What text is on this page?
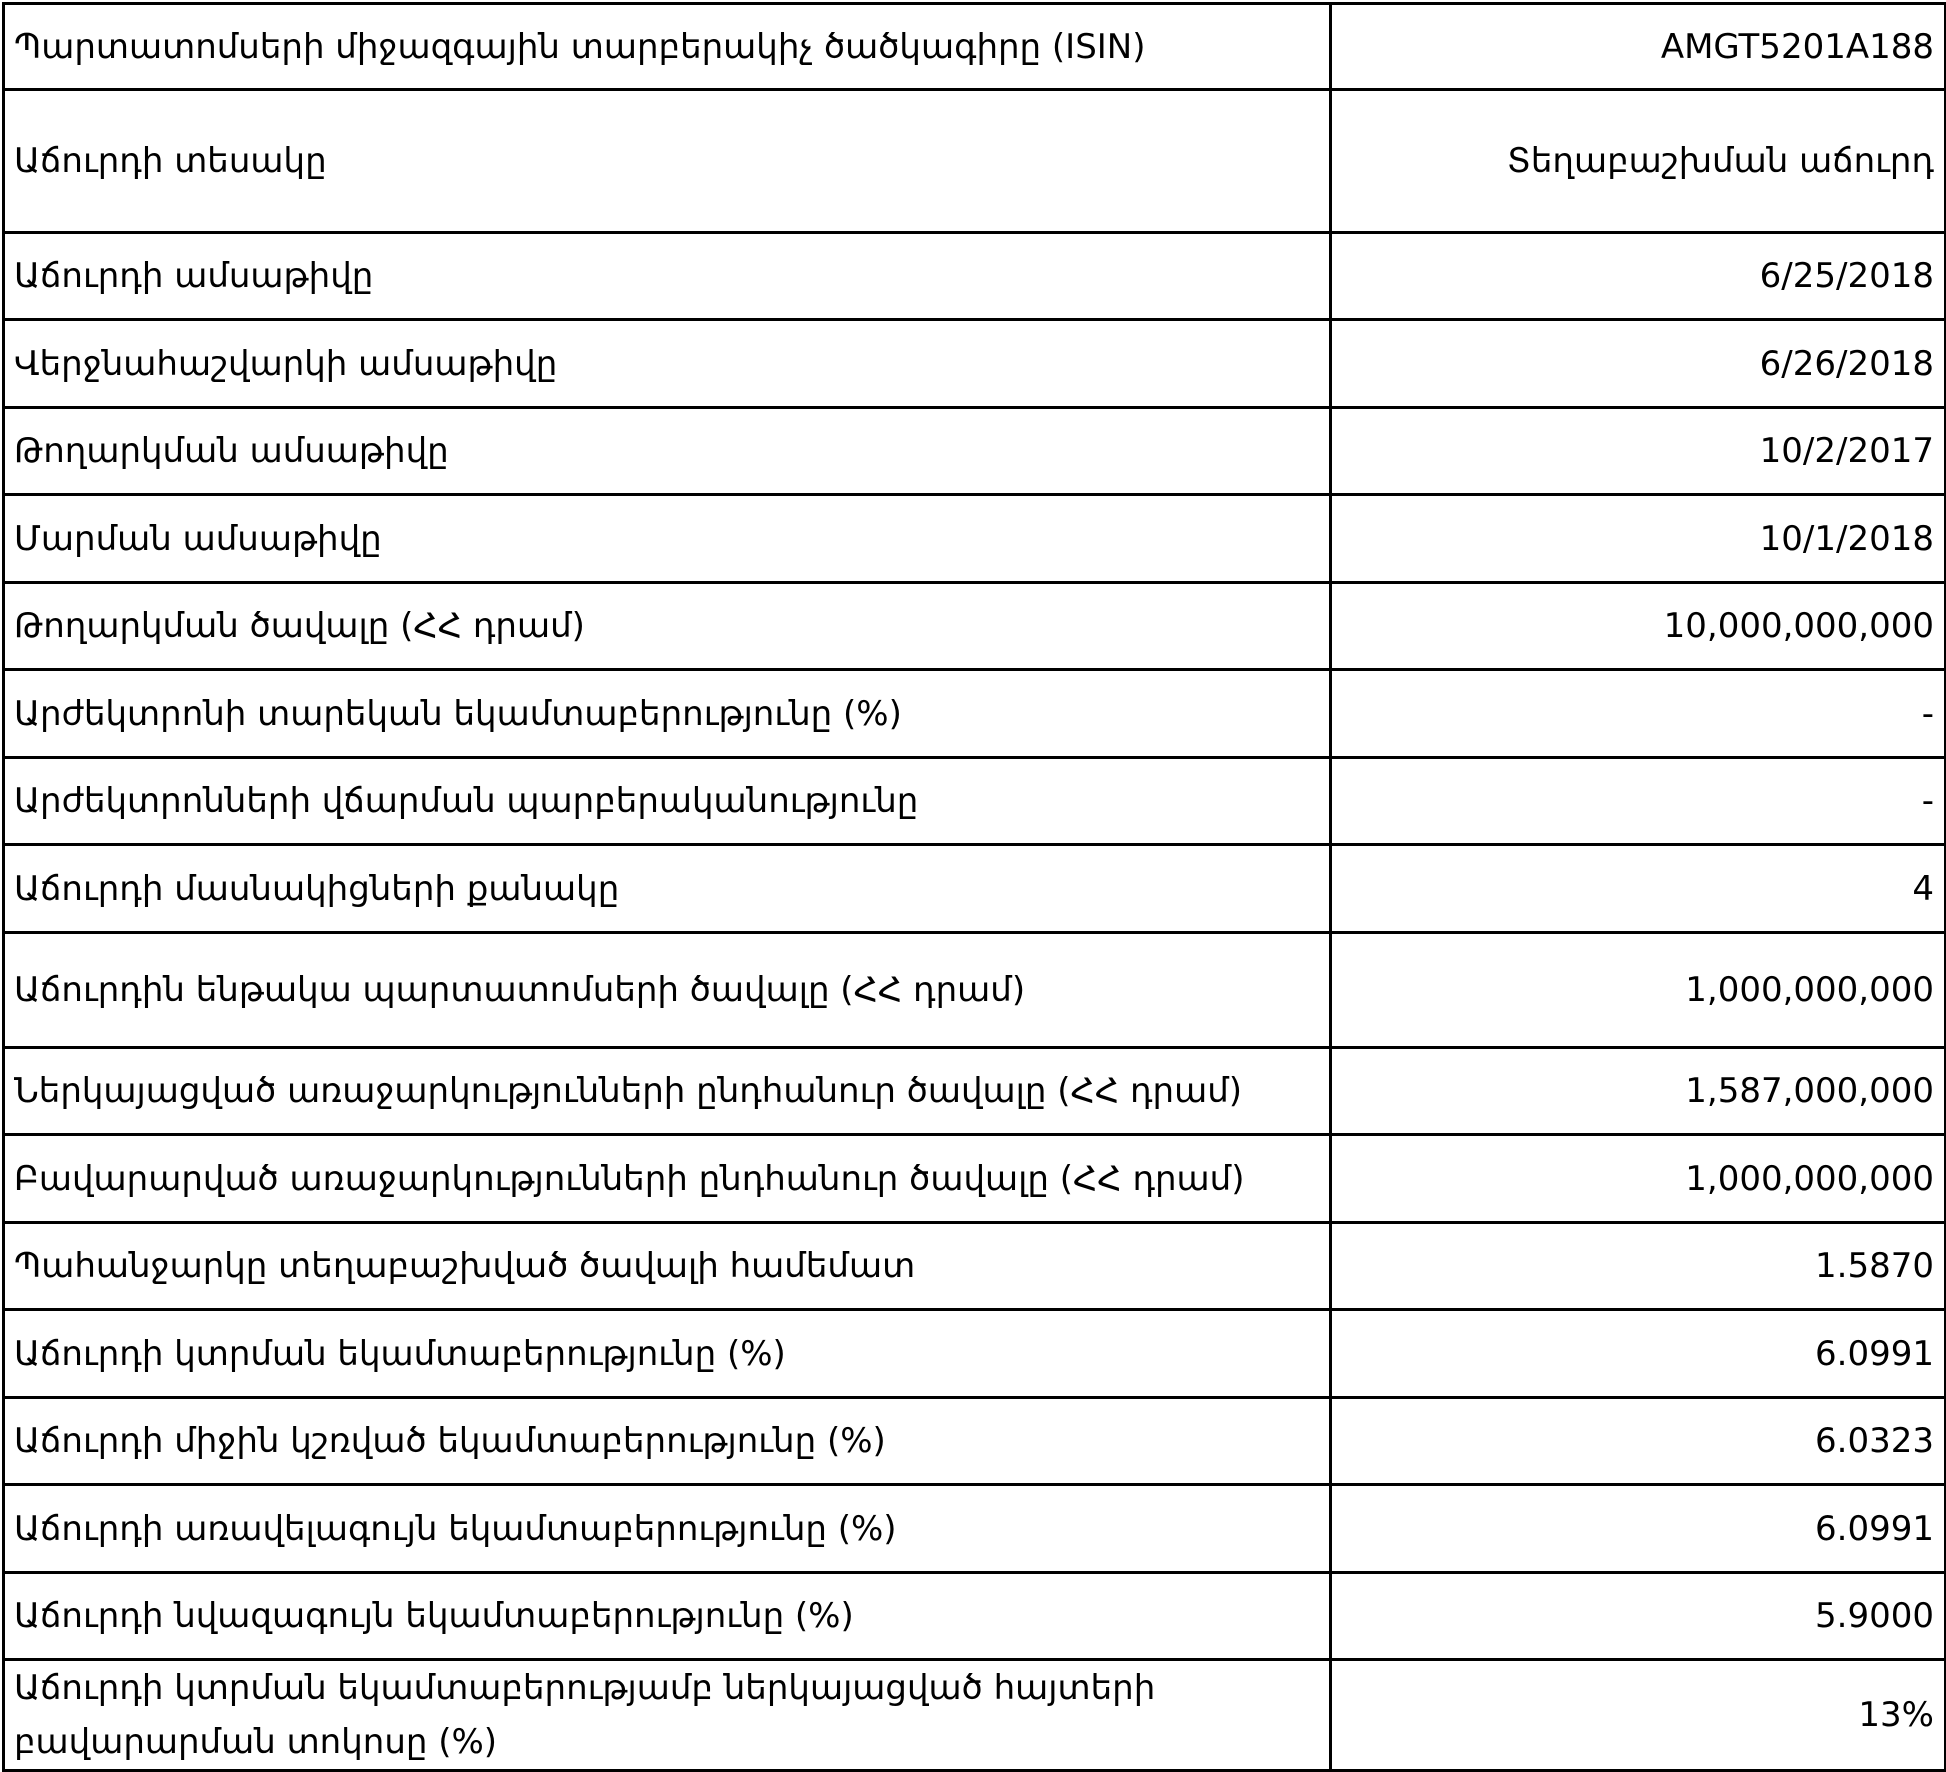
Պարտատոմսերի միջազգային տարբերակիչ ծածկագիրը (ISIN)	AMGT5201A188
Աճուրդի տեսակը	Տեղաբաշխման աճուրդ
Աճուրդի ամսաթիվը	6/25/2018
Վերջնահաշվարկի ամսաթիվը	6/26/2018
Թողարկման ամսաթիվը	10/2/2017
Մարման ամսաթիվը	10/1/2018
Թողարկման ծավալը (ՀՀ դրամ)	10,000,000,000
Արժեկտրոնի տարեկան եկամտաբերությունը (%)	-
Արժեկտրոնների վճարման պարբերականությունը	-
Աճուրդի մասնակիցների քանակը	4
Աճուրդին ենթակա պարտատոմսերի ծավալը (ՀՀ դրամ)	1,000,000,000
Ներկայացված առաջարկությունների ընդհանուր ծավալը (ՀՀ դրամ)	1,587,000,000
Բավարարված առաջարկությունների ընդհանուր ծավալը (ՀՀ դրամ)	1,000,000,000
Պահանջարկը տեղաբաշխված ծավալի համեմատ	1.5870
Աճուրդի կտրման եկամտաբերությունը (%)	6.0991
Աճուրդի միջին կշռված եկամտաբերությունը (%)	6.0323
Աճուրդի առավելագույն եկամտաբերությունը (%)	6.0991
Աճուրդի նվազագույն եկամտաբերությունը (%)	5.9000
Աճուրդի կտրման եկամտաբերությամբ ներկայացված հայտերի բավարարման տոկոսը (%)	13%
